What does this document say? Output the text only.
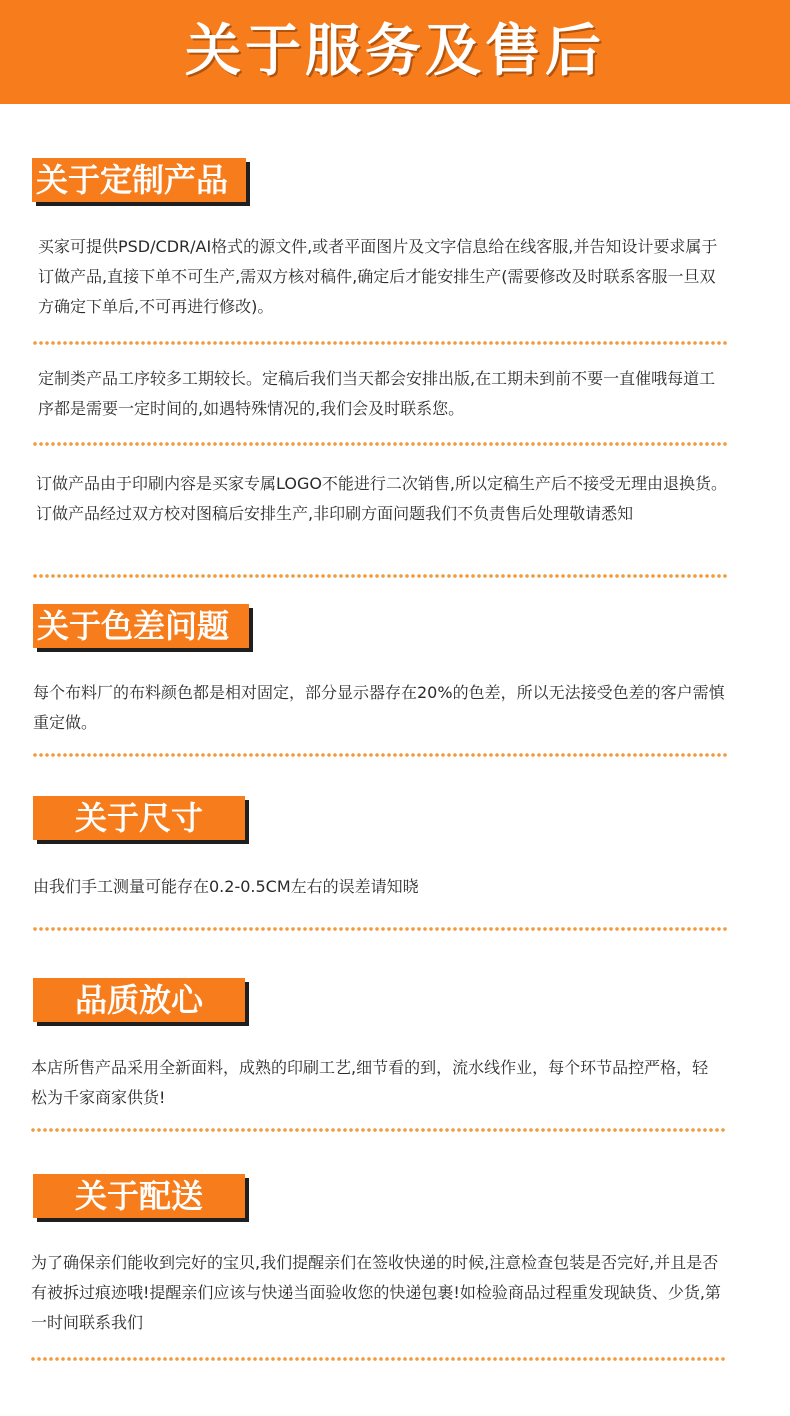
关于服务及售后
关于定制产品

买家可提供PSD/CDR/AI格式的源文件,或者平面图片及文字信息给在线客服,并告知设计要求属于订做产品,直接下单不可生产,需双方核对稿件,确定后才能安排生产(需要修改及时联系客服一旦双方确定下单后,不可再进行修改)。

定制类产品工序较多工期较长。定稿后我们当天都会安排出版,在工期未到前不要一直催哦每道工序都是需要一定时间的,如遇特殊情况的,我们会及时联系您。

订做产品由于印刷内容是买家专属LOGO不能进行二次销售,所以定稿生产后不接受无理由退换货。订做产品经过双方校对图稿后安排生产,非印刷方面问题我们不负责售后处理敬请悉知

关于色差问题

每个布料厂的布料颜色都是相对固定，部分显示器存在20%的色差，所以无法接受色差的客户需慎重定做。

关于尺寸

由我们手工测量可能存在0.2-0.5CM左右的误差请知晓

品质放心

本店所售产品采用全新面料，成熟的印刷工艺,细节看的到，流水线作业，每个环节品控严格，轻松为千家商家供货!

关于配送

为了确保亲们能收到完好的宝贝,我们提醒亲们在签收快递的时候,注意检查包装是否完好,并且是否有被拆过痕迹哦!提醒亲们应该与快递当面验收您的快递包裹!如检验商品过程重发现缺货、少货,第一时间联系我们
